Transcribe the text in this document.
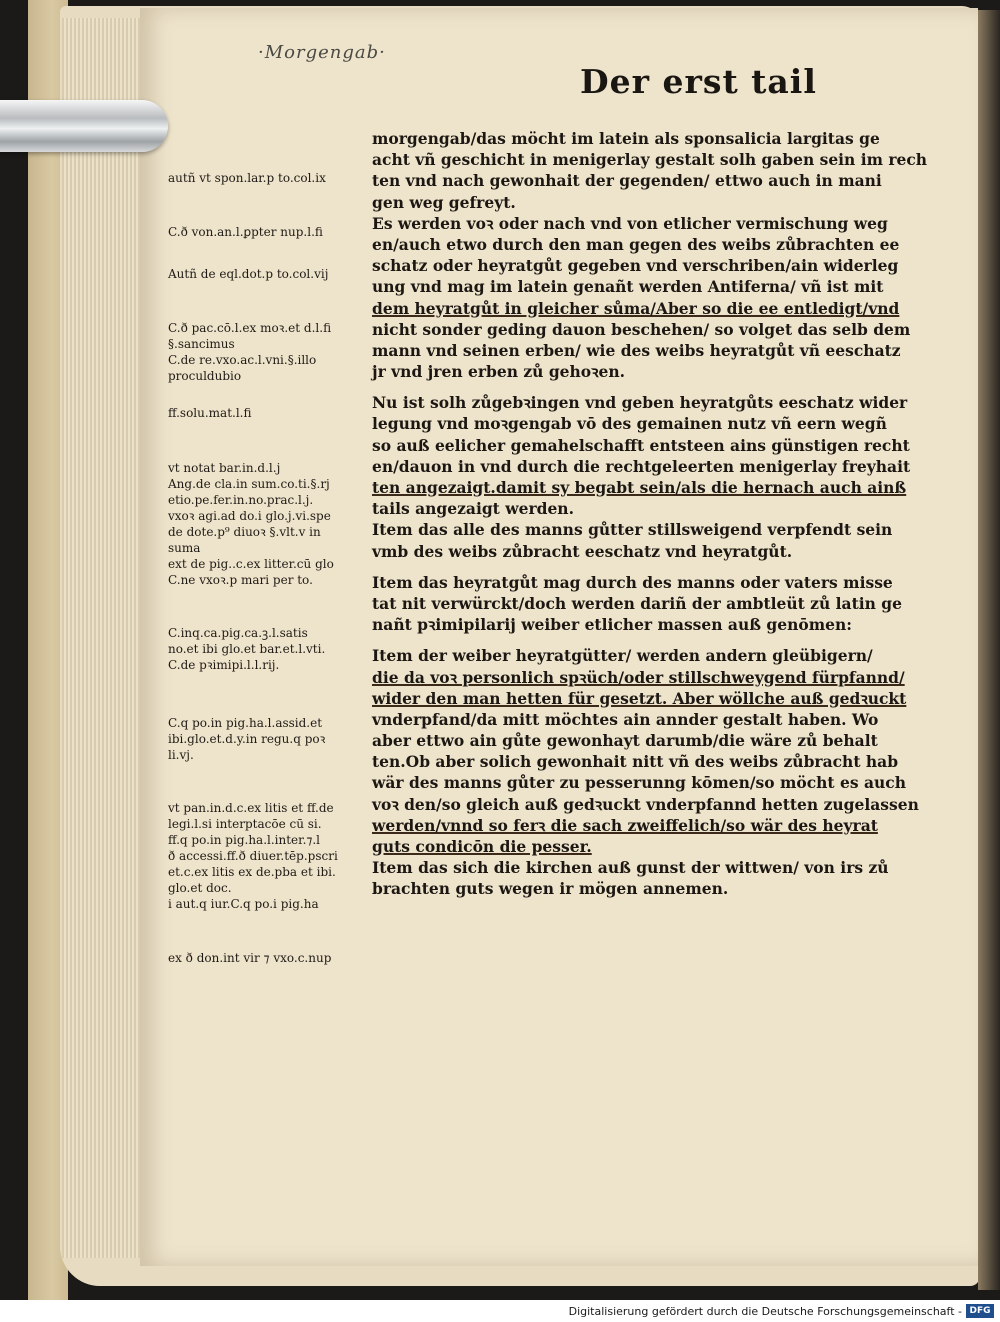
·Morgengab·
Der erst tail
morgengab/das möcht im latein als sponsalicia largitas ge
acht vñ geschicht in menigerlay gestalt solh gaben sein im rech
ten vnd nach gewonhait der gegenden/ ettwo auch in mani
gen weg gefreyt.
Es werden voꝛ oder nach vnd von etlicher vermischung weg
en/auch etwo durch den man gegen des weibs zůbrachten ee
schatz oder heyratgůt gegeben vnd verschriben/ain widerleg
ung vnd mag im latein genañt werden Antiferna/ vñ ist mit
dem heyratgůt in gleicher sůma/Aber so die ee entledigt/vnd
nicht sonder geding dauon beschehen/ so volget das selb dem
mann vnd seinen erben/ wie des weibs heyratgůt vñ eeschatz
jr vnd jren erben zů gehoꝛen.
Nu ist solh zůgebꝛingen vnd geben heyratgůts eeschatz wider
legung vnd moꝛgengab vō des gemainen nutz vñ eern wegñ
so auß eelicher gemahelschafft entsteen ains günstigen recht
en/dauon in vnd durch die rechtgeleerten menigerlay freyhait
ten angezaigt.damit sy begabt sein/als die hernach auch ainß
tails angezaigt werden.
Item das alle des manns gůtter stillsweigend verpfendt sein
vmb des weibs zůbracht eeschatz vnd heyratgůt.
Item das heyratgůt mag durch des manns oder vaters misse
tat nit verwürckt/doch werden dariñ der ambtleüt zů latin ge
nañt pꝛimipilarij weiber etlicher massen auß genōmen:
Item der weiber heyratgütter/ werden andern gleübigern/
die da voꝛ personlich spꝛüch/oder stillschweygend fürpfannd/
wider den man hetten für gesetzt. Aber wöllche auß gedꝛuckt
vnderpfand/da mitt möchtes ain annder gestalt haben. Wo
aber ettwo ain gůte gewonhayt darumb/die wäre zů behalt
ten.Ob aber solich gewonhait nitt vñ des weibs zůbracht hab
wär des manns gůter zu pesserunng kōmen/so möcht es auch
voꝛ den/so gleich auß gedꝛuckt vnderpfannd hetten zugelassen
werden/vnnd so ferꝛ die sach zweiffelich/so wär des heyrat
guts condicōn die pesser.
Item das sich die kirchen auß gunst der wittwen/ von irs zů
brachten guts wegen ir mögen annemen.
autñ vt spon.lar.p to.col.ix
C.ð von.an.l.ꝑpter nup.l.fi
Autñ de eql.dot.p to.col.vij
C.ð pac.cō.l.ex moꝛ.et d.l.fi
§.sancimus
C.de re.vxo.ac.l.vni.§.illo
proculdubio
ff.solu.mat.l.fi
vt notat bar.in.d.l.j
Ang.de cla.in sum.co.ti.§.rj
etio.pe.fer.in.no.prac.l.j.
vxoꝛ agi.ad do.i glo.j.vi.spe
de dote.p⁹ diuoꝛ §.vlt.v in
suma
ext de pig..c.ex litter.cū glo
C.ne vxoꝛ.p mari per to.
C.inq.ca.pig.ca.ꝫ.l.satis
no.et ibi glo.et bar.et.l.vti.
C.de pꝛimipi.l.l.rij.
C.q po.in pig.ha.l.assid.et
ibi.glo.et.d.y.in regu.q poꝛ
li.vj.
vt pan.in.d.c.ex litis et ff.de
legi.l.si interptacōe cū si.
ff.q po.in pig.ha.l.inter.⁊.l
ð accessi.ff.ð diuer.tēp.pscri
et.c.ex litis ex de.pba et ibi.
glo.et doc.
i aut.q iur.C.q po.i pig.ha
ex ð don.int vir ⁊ vxo.c.nup
Digitalisierung gefördert durch die Deutsche Forschungsgemeinschaft - DFG
